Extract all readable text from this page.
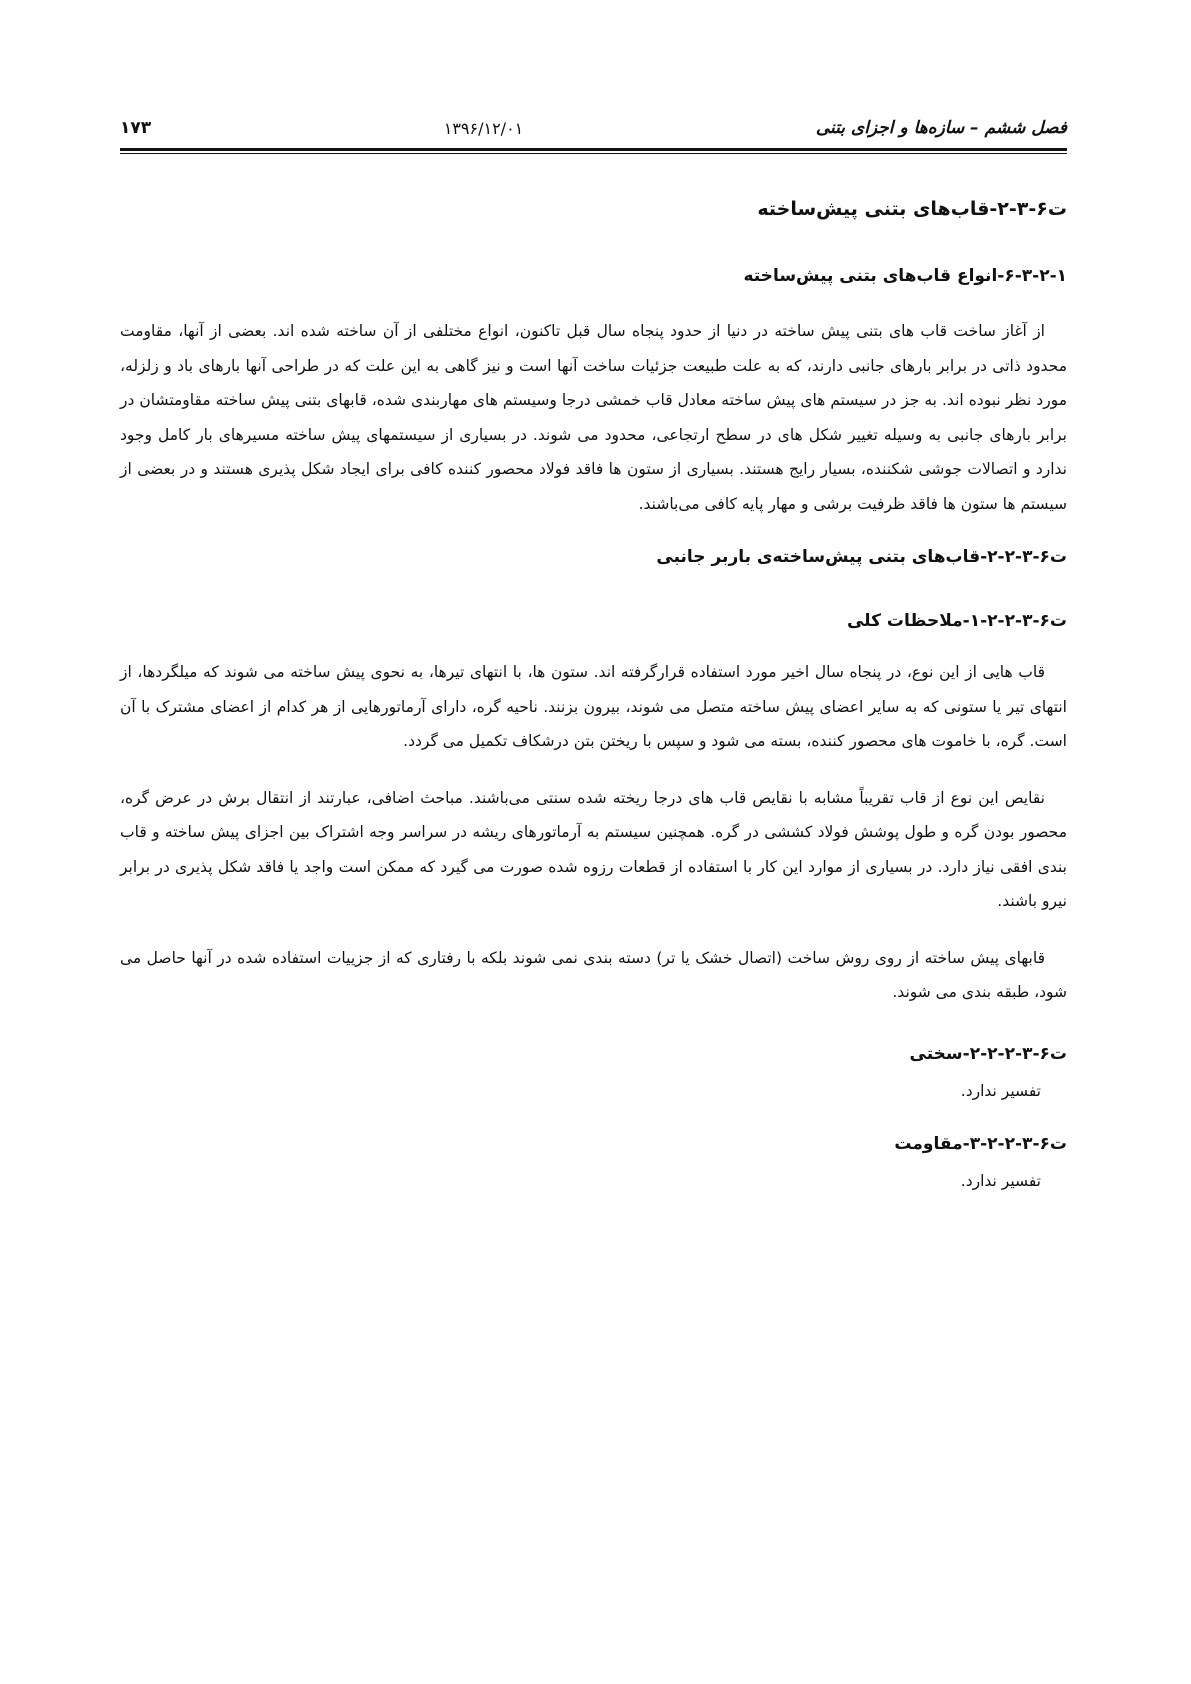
فصل ششم – سازه‌ها و اجزای بتنی
۱۳۹۶/۱۲/۰۱
۱۷۳
ت۶-۳-۲-قاب‌های بتنی پیش‌ساخته
۶-۳-۲-۱-انواع قاب‌های بتنی پیش‌ساخته

از آغاز ساخت قاب های بتنی پیش ساخته در دنیا از حدود پنجاه سال قبل تاکنون، انواع مختلفی از آن ساخته شده اند. بعضی از آنها، مقاومت محدود ذاتی در برابر بارهای جانبی دارند، که به علت طبیعت جزئیات ساخت آنها است و نیز گاهی به این علت که در طراحی آنها بارهای باد و زلزله، مورد نظر نبوده اند. به جز در سیستم های پیش ساخته معادل قاب خمشی درجا وسیستم های مهاربندی شده، قابهای بتنی پیش ساخته مقاومتشان در برابر بارهای جانبی به وسیله تغییر شکل های در سطح ارتجاعی، محدود می شوند. در بسیاری از سیستمهای پیش ساخته مسیرهای بار کامل وجود ندارد و اتصالات جوشی شکننده، بسیار رایج هستند. بسیاری از ستون ها فاقد فولاد محصور کننده کافی برای ایجاد شکل پذیری هستند و در بعضی از سیستم ها ستون ها فاقد ظرفیت برشی و مهار پایه کافی می‌باشند.

ت۶-۳-۲-۲-قاب‌های بتنی پیش‌ساخته‌ی باربر جانبی
ت۶-۳-۲-۲-۱-ملاحظات کلی

قاب هایی از این نوع، در پنجاه سال اخیر مورد استفاده قرارگرفته اند. ستون ها، با انتهای تیرها، به نحوی پیش ساخته می شوند که میلگردها، از انتهای تیر یا ستونی که به سایر اعضای پیش ساخته متصل می شوند، بیرون بزنند. ناحیه گره، دارای آرماتورهایی از هر کدام از اعضای مشترک با آن است. گره، با خاموت های محصور کننده، بسته می شود و سپس با ریختن بتن درشکاف تکمیل می گردد.

نقایص این نوع از قاب تقریباً مشابه با نقایص قاب های درجا ریخته شده سنتی می‌باشند. مباحث اضافی، عبارتند از انتقال برش در عرض گره، محصور بودن گره و طول پوشش فولاد کششی در گره. همچنین سیستم به آرماتورهای ریشه در سراسر وجه اشتراک بین اجزای پیش ساخته و قاب بندی افقی نیاز دارد. در بسیاری از موارد این کار با استفاده از قطعات رزوه شده صورت می گیرد که ممکن است واجد یا فاقد شکل پذیری در برابر نیرو باشند.

قابهای پیش ساخته از روی روش ساخت (اتصال خشک یا تر) دسته بندی نمی شوند بلکه با رفتاری که از جزییات استفاده شده در آنها حاصل می شود، طبقه بندی می شوند.

ت۶-۳-۲-۲-۲-سختی
تفسیر ندارد.
ت۶-۳-۲-۲-۳-مقاومت
تفسیر ندارد.
